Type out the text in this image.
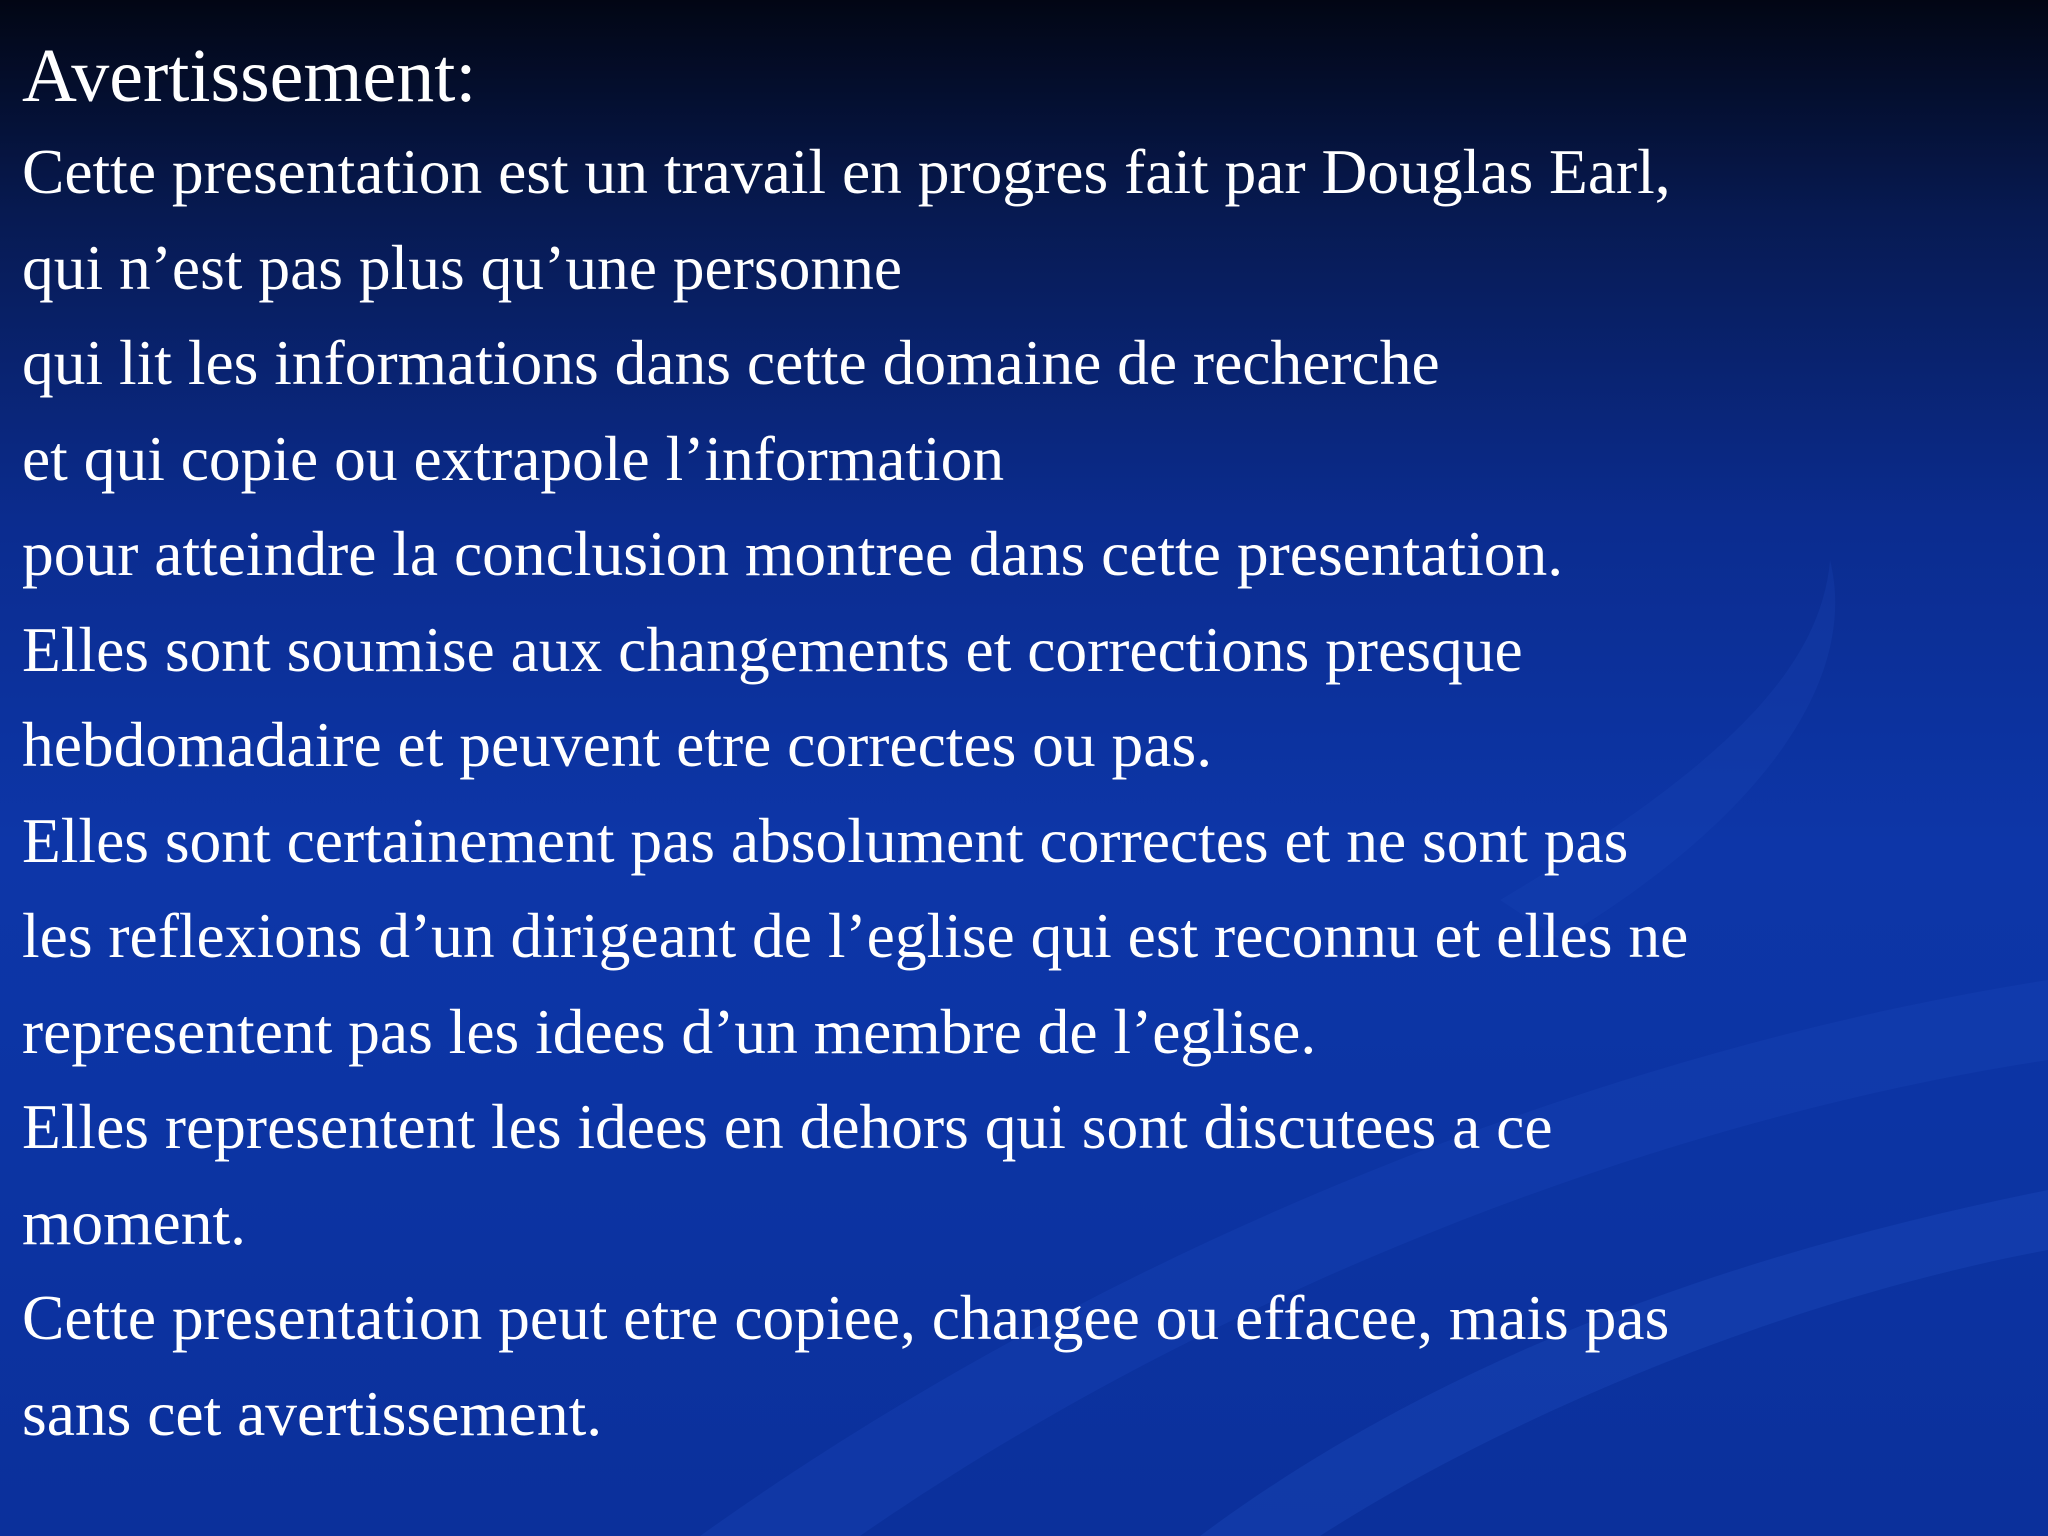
Avertissement:

Cette presentation est un travail en progres fait par Douglas Earl,

qui n’est pas plus qu’une personne

qui lit les informations dans cette domaine de recherche

et qui copie ou extrapole l’information

pour atteindre la conclusion montree dans cette presentation.

Elles sont soumise aux changements et corrections presque

hebdomadaire et peuvent etre correctes ou pas.

Elles sont certainement pas absolument correctes et ne sont pas

les reflexions d’un dirigeant de l’eglise qui est reconnu et elles ne

representent pas les idees d’un membre de l’eglise.

Elles representent les idees en dehors qui sont discutees a ce

moment.

Cette presentation peut etre copiee, changee ou effacee, mais pas

sans cet avertissement.
